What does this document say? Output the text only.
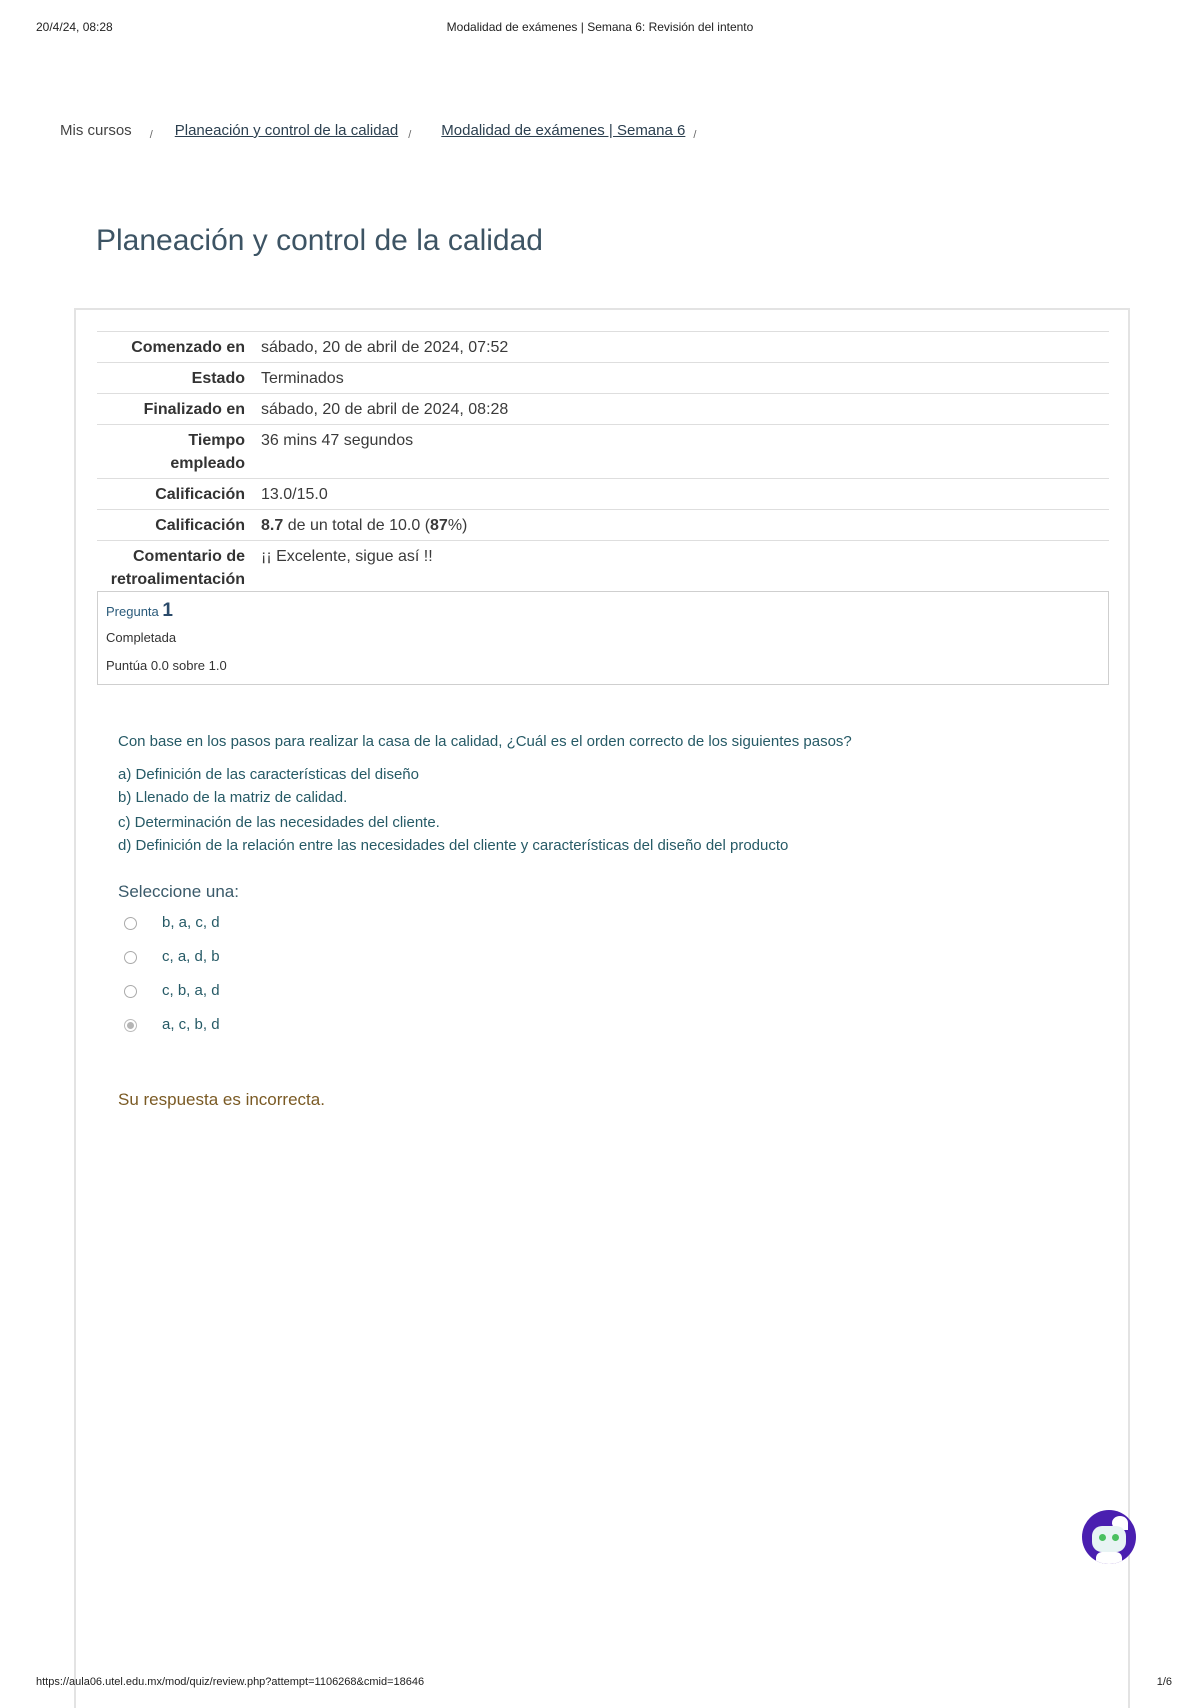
20/4/24, 08:28	Modalidad de exámenes | Semana 6: Revisión del intento
Mis cursos / Planeación y control de la calidad / Modalidad de exámenes | Semana 6 /
Planeación y control de la calidad
Comenzado en	sábado, 20 de abril de 2024, 07:52
Estado	Terminados
Finalizado en	sábado, 20 de abril de 2024, 08:28
Tiempo
empleado	36 mins 47 segundos
Calificación	13.0/15.0
Calificación	8.7 de un total de 10.0 (87%)
Comentario de
retroalimentación	¡¡ Excelente, sigue así !!
Pregunta 1
Completada
Puntúa 0.0 sobre 1.0
Con base en los pasos para realizar la casa de la calidad, ¿Cuál es el orden correcto de los siguientes pasos?
a) Definición de las características del diseño
b) Llenado de la matriz de calidad.
c) Determinación de las necesidades del cliente.
d) Definición de la relación entre las necesidades del cliente y características del diseño del producto
Seleccione una:
b, a, c, d
c, a, d, b
c, b, a, d
a, c, b, d
Su respuesta es incorrecta.
https://aula06.utel.edu.mx/mod/quiz/review.php?attempt=1106268&cmid=18646	1/6
